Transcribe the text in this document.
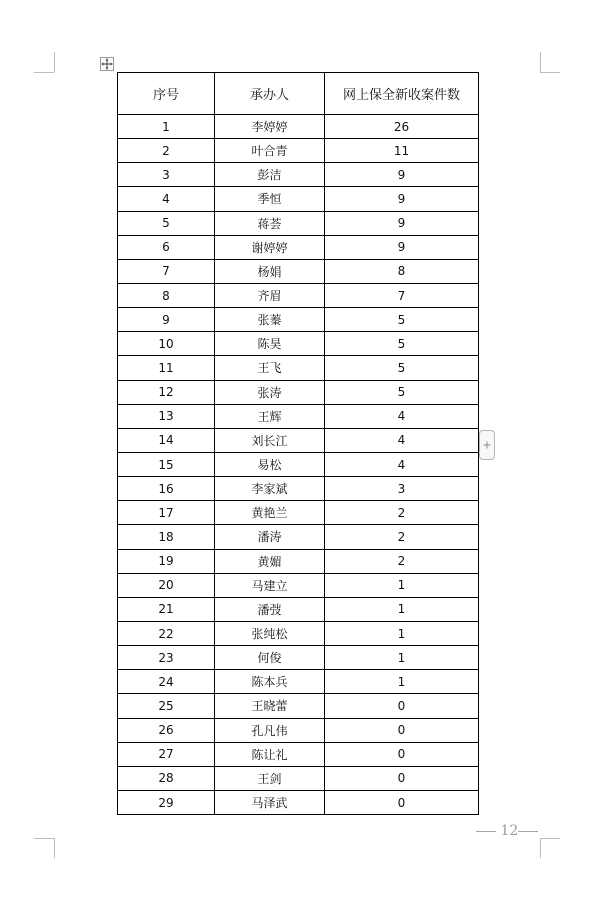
序号	承办人	网上保全新收案件数
1	李婷婷	26
2	叶合青	11
3	彭洁	9
4	季恒	9
5	蒋荟	9
6	谢婷婷	9
7	杨娟	8
8	齐眉	7
9	张蓁	5
10	陈昊	5
11	王飞	5
12	张涛	5
13	王辉	4
14	刘长江	4
15	易松	4
16	李家斌	3
17	黄艳兰	2
18	潘涛	2
19	黄媚	2
20	马建立	1
21	潘弢	1
22	张纯松	1
23	何俊	1
24	陈本兵	1
25	王晓蕾	0
26	孔凡伟	0
27	陈让礼	0
28	王剑	0
29	马泽武	0
12
